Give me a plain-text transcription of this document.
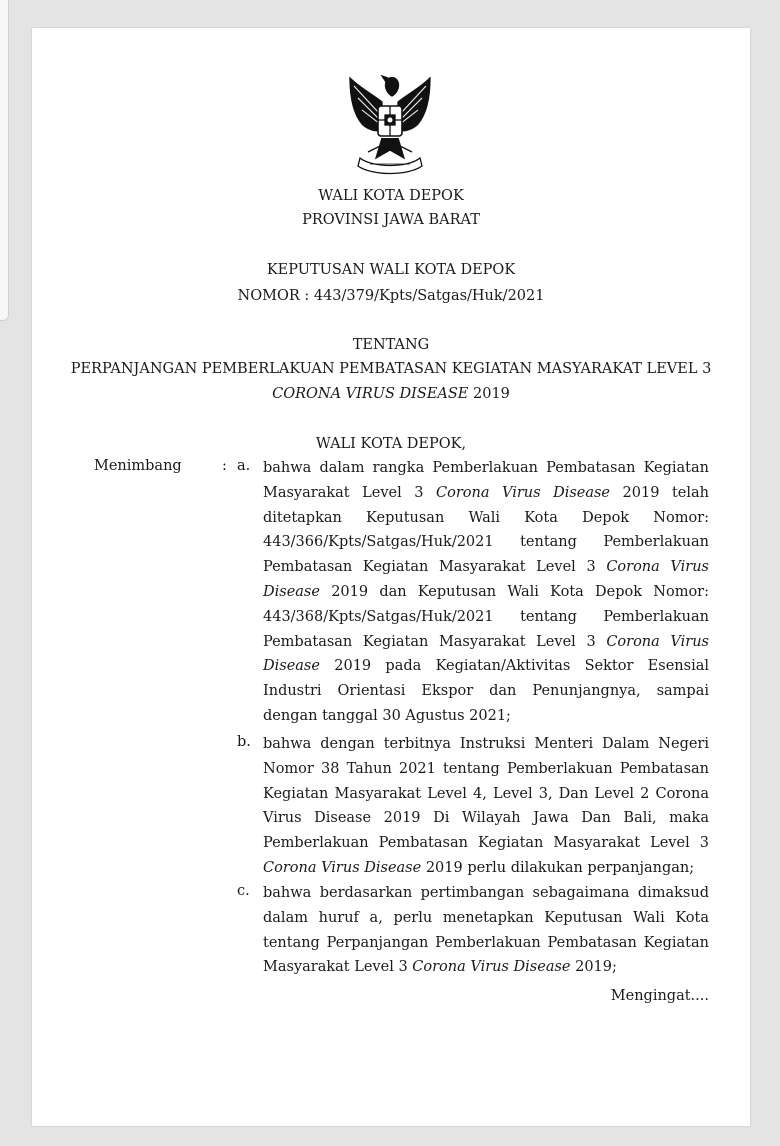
WALI KOTA DEPOK
PROVINSI JAWA BARAT
KEPUTUSAN WALI KOTA DEPOK
NOMOR : 443/379/Kpts/Satgas/Huk/2021
TENTANG
PERPANJANGAN PEMBERLAKUAN PEMBATASAN KEGIATAN MASYARAKAT LEVEL 3
CORONA VIRUS DISEASE 2019
WALI KOTA DEPOK,
Menimbang	: a. bahwa dalam rangka Pemberlakuan Pembatasan Kegiatan Masyarakat Level 3 Corona Virus Disease 2019 telah ditetapkan Keputusan Wali Kota Depok Nomor: 443/366/Kpts/Satgas/Huk/2021 tentang Pemberlakuan Pembatasan Kegiatan Masyarakat Level 3 Corona Virus Disease 2019 dan Keputusan Wali Kota Depok Nomor: 443/368/Kpts/Satgas/Huk/2021 tentang Pemberlakuan Pembatasan Kegiatan Masyarakat Level 3 Corona Virus Disease 2019 pada Kegiatan/Aktivitas Sektor Esensial Industri Orientasi Ekspor dan Penunjangnya, sampai dengan tanggal 30 Agustus 2021;
b. bahwa dengan terbitnya Instruksi Menteri Dalam Negeri Nomor 38 Tahun 2021 tentang Pemberlakuan Pembatasan Kegiatan Masyarakat Level 4, Level 3, Dan Level 2 Corona Virus Disease 2019 Di Wilayah Jawa Dan Bali, maka Pemberlakuan Pembatasan Kegiatan Masyarakat Level 3 Corona Virus Disease 2019 perlu dilakukan perpanjangan;
c. bahwa berdasarkan pertimbangan sebagaimana dimaksud dalam huruf a, perlu menetapkan Keputusan Wali Kota tentang Perpanjangan Pemberlakuan Pembatasan Kegiatan Masyarakat Level 3 Corona Virus Disease 2019;
Mengingat....
